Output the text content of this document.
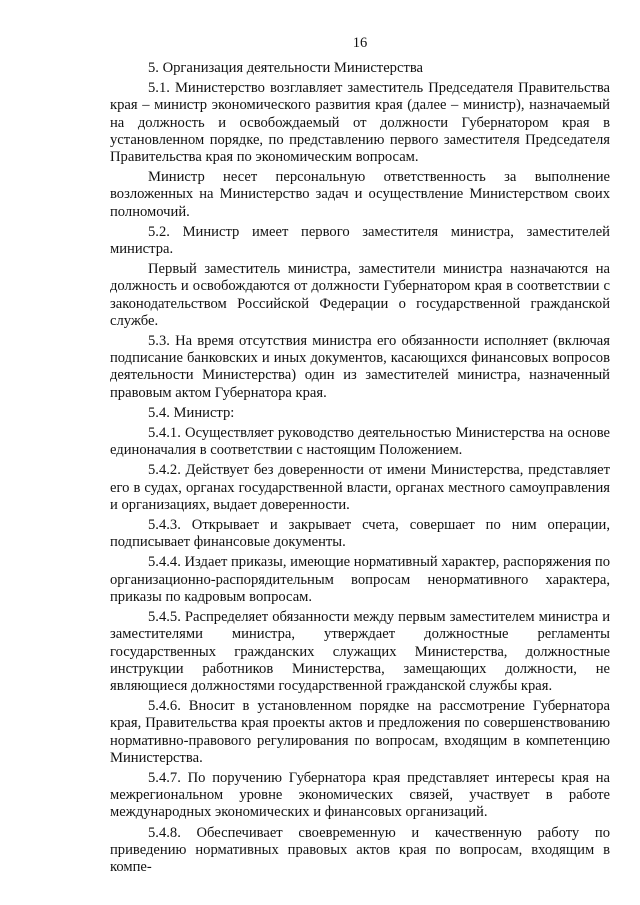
16

5. Организация деятельности Министерства

5.1. Министерство возглавляет заместитель Председателя Правительства края – министр экономического развития края (далее – министр), назначаемый на должность и освобождаемый от должности Губернатором края в установленном порядке, по представлению первого заместителя Председателя Правительства края по экономическим вопросам.

Министр несет персональную ответственность за выполнение возложенных на Министерство задач и осуществление Министерством своих полномочий.

5.2. Министр имеет первого заместителя министра, заместителей министра.

Первый заместитель министра, заместители министра назначаются на должность и освобождаются от должности Губернатором края в соответствии с законодательством Российской Федерации о государственной гражданской службе.

5.3. На время отсутствия министра его обязанности исполняет (включая подписание банковских и иных документов, касающихся финансовых вопросов деятельности Министерства) один из заместителей министра, назначенный правовым актом Губернатора края.

5.4. Министр:

5.4.1. Осуществляет руководство деятельностью Министерства на основе единоначалия в соответствии с настоящим Положением.

5.4.2. Действует без доверенности от имени Министерства, представляет его в судах, органах государственной власти, органах местного самоуправления и организациях, выдает доверенности.

5.4.3. Открывает и закрывает счета, совершает по ним операции, подписывает финансовые документы.

5.4.4. Издает приказы, имеющие нормативный характер, распоряжения по организационно-распорядительным вопросам ненормативного характера, приказы по кадровым вопросам.

5.4.5. Распределяет обязанности между первым заместителем министра и заместителями министра, утверждает должностные регламенты государственных гражданских служащих Министерства, должностные инструкции работников Министерства, замещающих должности, не являющиеся должностями государственной гражданской службы края.

5.4.6. Вносит в установленном порядке на рассмотрение Губернатора края, Правительства края проекты актов и предложения по совершенствованию нормативно-правового регулирования по вопросам, входящим в компетенцию Министерства.

5.4.7. По поручению Губернатора края представляет интересы края на межрегиональном уровне экономических связей, участвует в работе международных экономических и финансовых организаций.

5.4.8. Обеспечивает своевременную и качественную работу по приведению нормативных правовых актов края по вопросам, входящим в компе-
